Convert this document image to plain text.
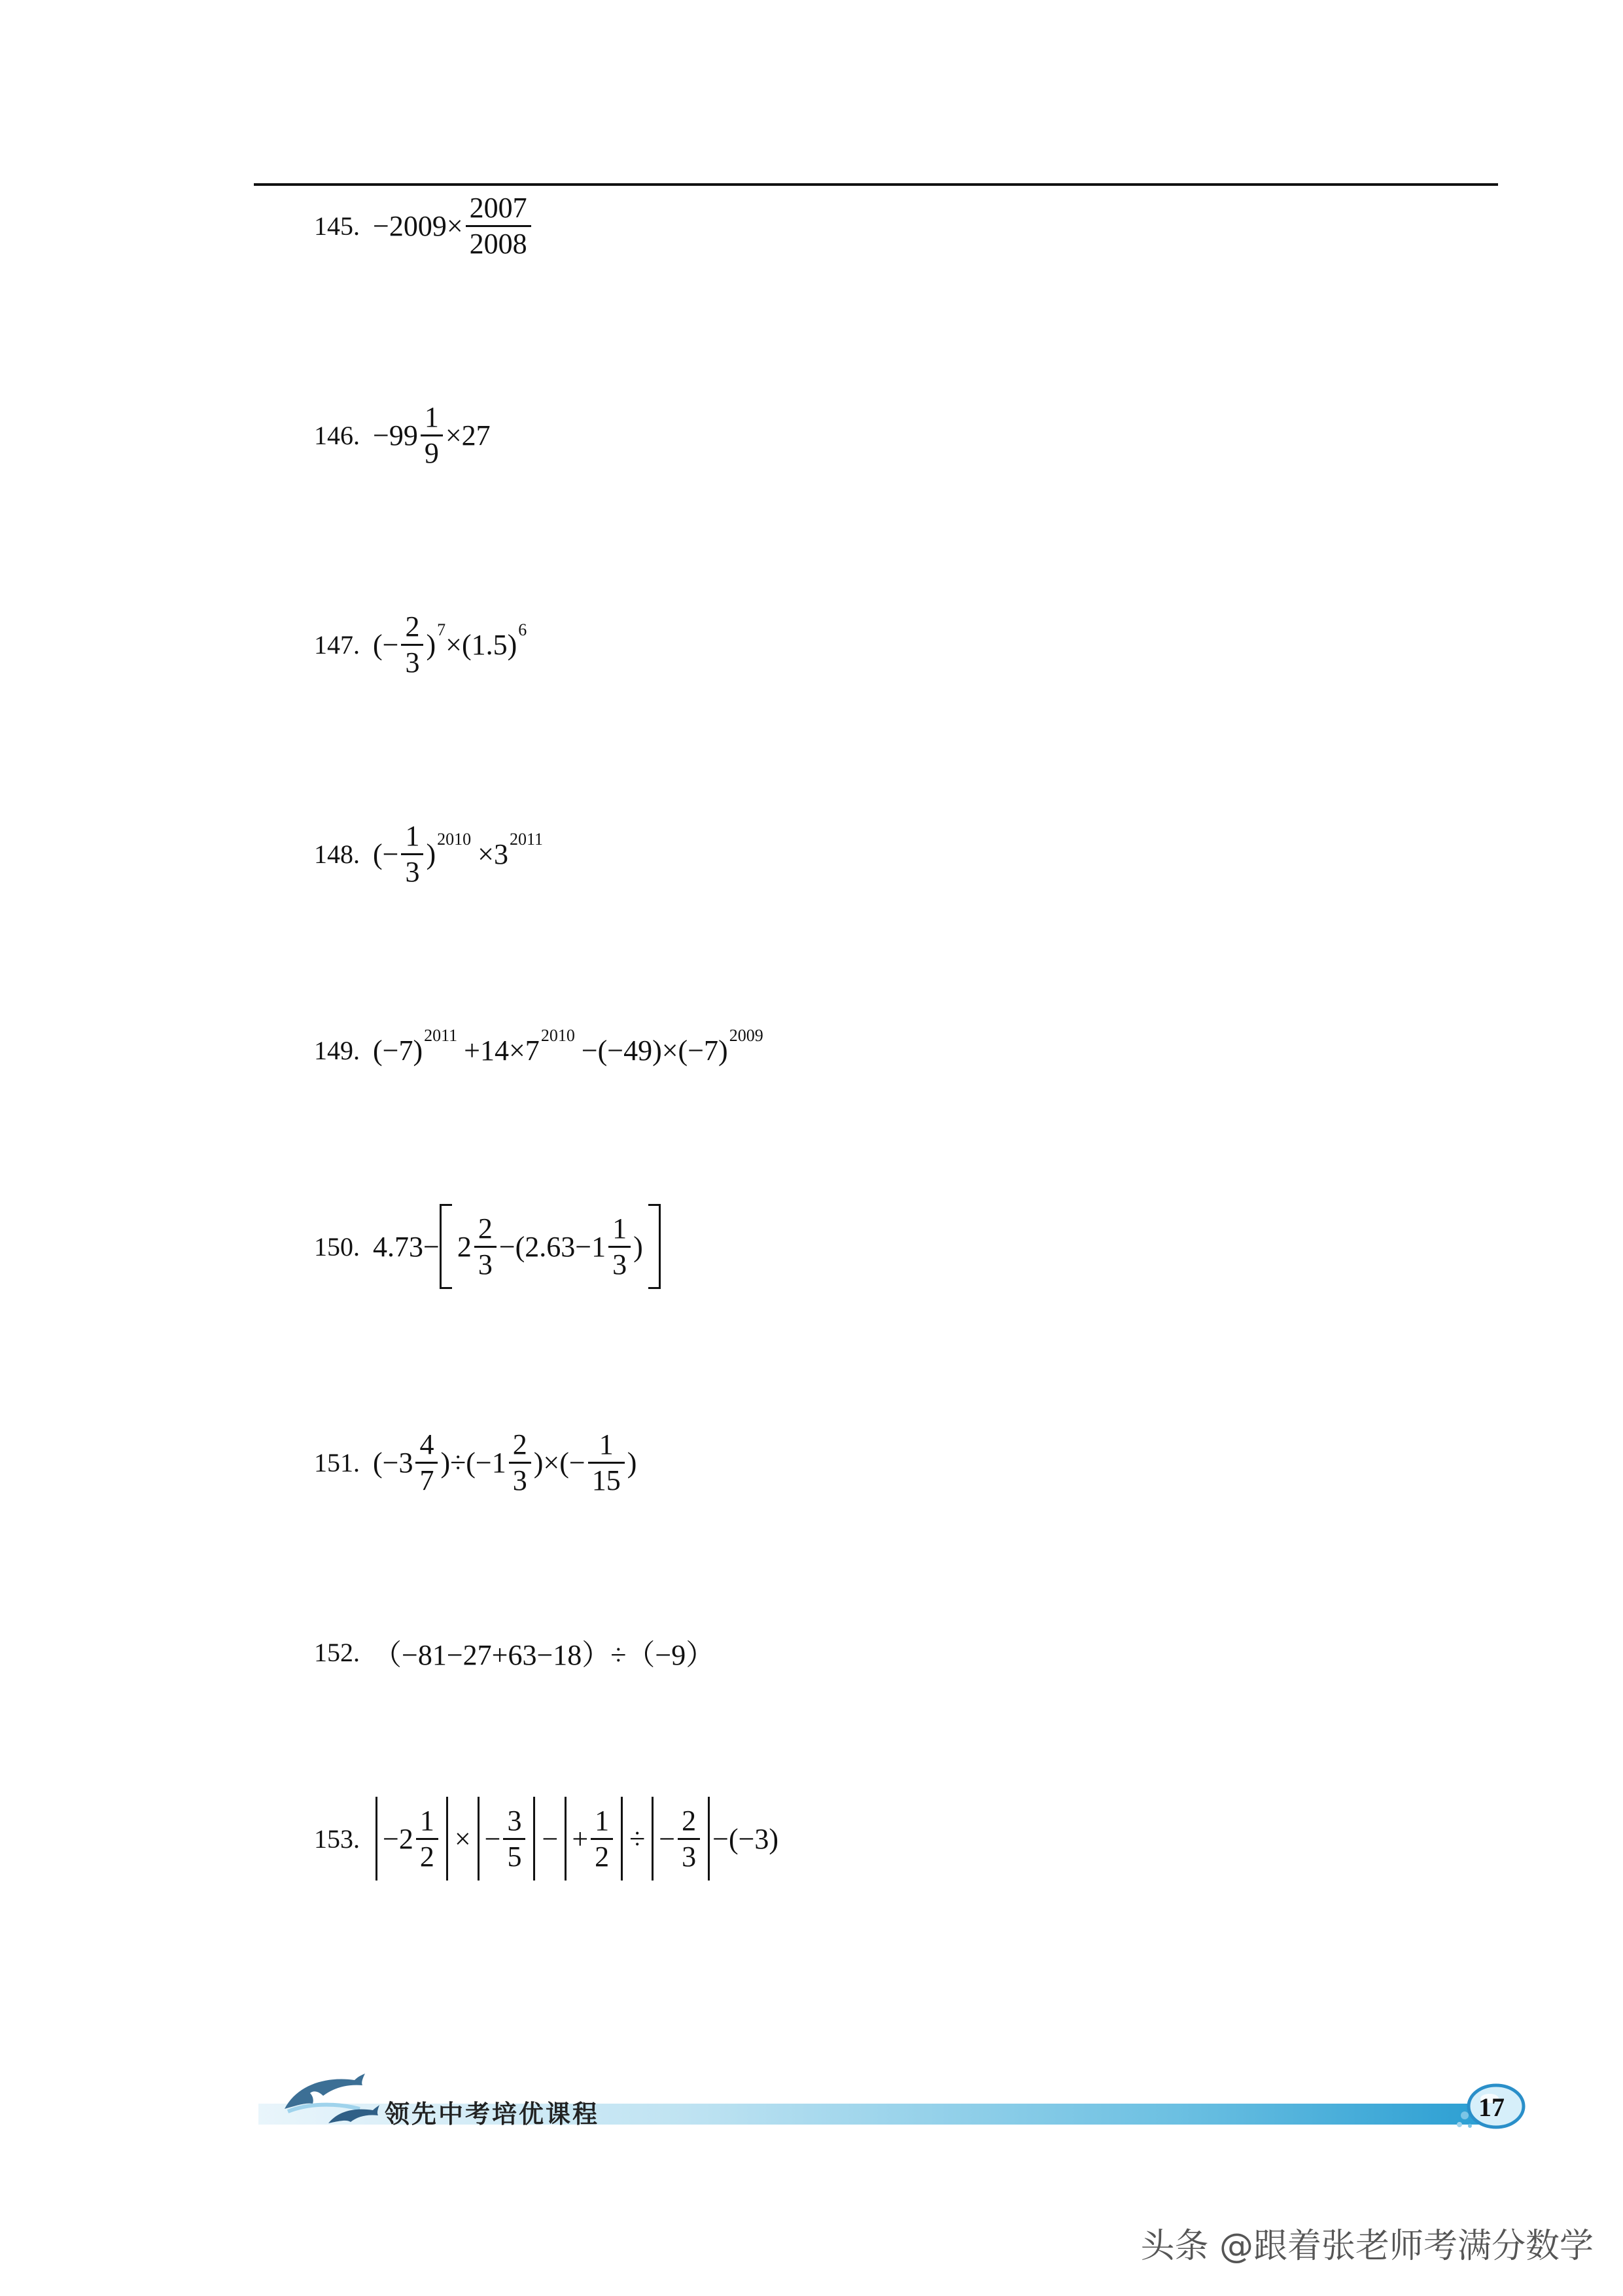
145. $-2009\times \frac{2007}{2008}$
146. $-99 \frac{1}{9} \times 27$
147. (− $\frac{2}{3} )^7 \times(1.5)^6$
148. (− $\frac{1}{3} )^{2010} \times 3^{2011}$
149. $(-7)^{2011} +14\times 7^{2010} -(-49)\times(-7)^{2009}$
150. $4.73- 2 \frac{2}{3} -(2.63-1 \frac{1}{3}$ )
151. $(-3 \frac{4}{7} )\div(-1 \frac{2}{3}$ )×(− $\frac{1}{15}$ )
152. （−81−27+63−18）÷（−9）
153. $-2 \frac{1}{2}$ × − $\frac{3}{5}$ − + $\frac{1}{2}$ ÷ − $\frac{2}{3} -(-3)$
领先中考培优课程	17
头条 @跟着张老师考满分数学
